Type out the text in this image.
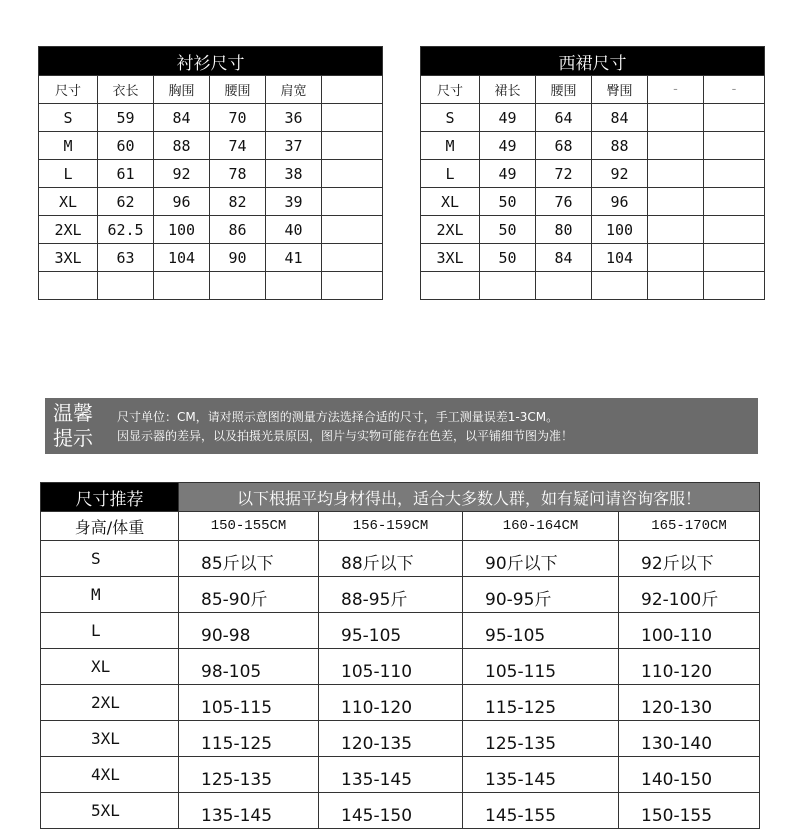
衬衫尺寸					
尺寸	衣长	胸围	腰围	肩宽	
S	59	84	70	36	
M	60	88	74	37	
L	61	92	78	38	
XL	62	96	82	39	
2XL	62.5	100	86	40	
3XL	63	104	90	41	

西裙尺寸					
尺寸	裙长	腰围	臀围	-	-
S	49	64	84		
M	49	68	88		
L	49	72	92		
XL	50	76	96		
2XL	50	80	100		
3XL	50	84	104		

温馨
提示
尺寸单位：CM，请对照示意图的测量方法选择合适的尺寸，手工测量误差1-3CM。
因显示器的差异，以及拍摄光景原因，图片与实物可能存在色差，以平铺细节图为准！
尺寸推荐	以下根据平均身材得出，适合大多数人群，如有疑问请咨询客服！			
身高/体重	150-155CM	156-159CM	160-164CM	165-170CM
S	85斤以下	88斤以下	90斤以下	92斤以下
M	85-90斤	88-95斤	90-95斤	92-100斤
L	90-98	95-105	95-105	100-110
XL	98-105	105-110	105-115	110-120
2XL	105-115	110-120	115-125	120-130
3XL	115-125	120-135	125-135	130-140
4XL	125-135	135-145	135-145	140-150
5XL	135-145	145-150	145-155	150-155
